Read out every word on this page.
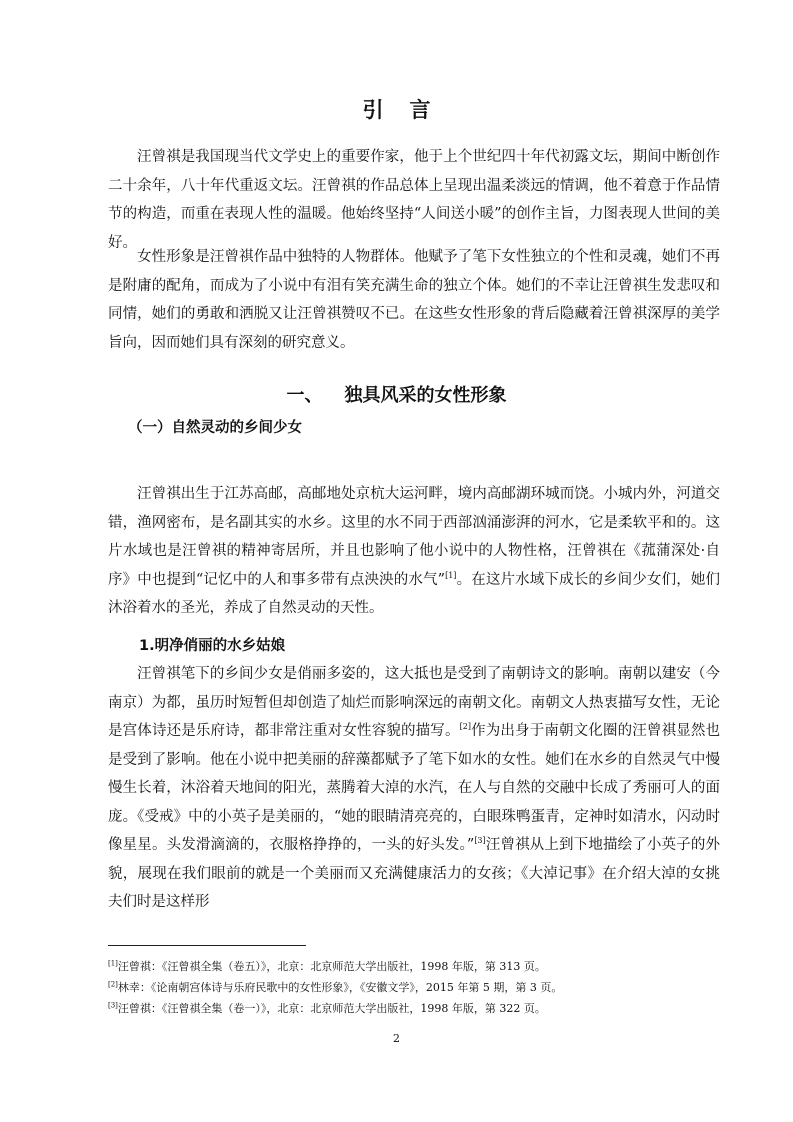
引 言

汪曾祺是我国现当代文学史上的重要作家，他于上个世纪四十年代初露文坛，期间中断创作二十余年，八十年代重返文坛。汪曾祺的作品总体上呈现出温柔淡远的情调，他不着意于作品情节的构造，而重在表现人性的温暖。他始终坚持“人间送小暖”的创作主旨，力图表现人世间的美好。

女性形象是汪曾祺作品中独特的人物群体。他赋予了笔下女性独立的个性和灵魂，她们不再是附庸的配角，而成为了小说中有泪有笑充满生命的独立个体。她们的不幸让汪曾祺生发悲叹和同情，她们的勇敢和洒脱又让汪曾祺赞叹不已。在这些女性形象的背后隐藏着汪曾祺深厚的美学旨向，因而她们具有深刻的研究意义。

一、 独具风采的女性形象
（一）自然灵动的乡间少女

汪曾祺出生于江苏高邮，高邮地处京杭大运河畔，境内高邮湖环城而饶。小城内外，河道交错，渔网密布，是名副其实的水乡。这里的水不同于西部汹涌澎湃的河水，它是柔软平和的。这片水域也是汪曾祺的精神寄居所，并且也影响了他小说中的人物性格，汪曾祺在《菰蒲深处·自序》中也提到“记忆中的人和事多带有点泱泱的水气”[1]。在这片水域下成长的乡间少女们，她们沐浴着水的圣光，养成了自然灵动的天性。

1.明净俏丽的水乡姑娘

汪曾祺笔下的乡间少女是俏丽多姿的，这大抵也是受到了南朝诗文的影响。南朝以建安（今南京）为都，虽历时短暂但却创造了灿烂而影响深远的南朝文化。南朝文人热衷描写女性，无论是宫体诗还是乐府诗，都非常注重对女性容貌的描写。[2]作为出身于南朝文化圈的汪曾祺显然也是受到了影响。他在小说中把美丽的辞藻都赋予了笔下如水的女性。她们在水乡的自然灵气中慢慢生长着，沐浴着天地间的阳光，蒸腾着大淖的水汽，在人与自然的交融中长成了秀丽可人的面庞。《受戒》中的小英子是美丽的，“她的眼睛清亮亮的，白眼珠鸭蛋青，定神时如清水，闪动时像星星。头发滑滴滴的，衣服格挣挣的，一头的好头发。”[3]汪曾祺从上到下地描绘了小英子的外貌，展现在我们眼前的就是一个美丽而又充满健康活力的女孩；《大淖记事》在介绍大淖的女挑夫们时是这样形

[1]汪曾祺：《汪曾祺全集（卷五）》，北京：北京师范大学出版社，1998 年版，第 313 页。

[2]林幸：《论南朝宫体诗与乐府民歌中的女性形象》，《安徽文学》，2015 年第 5 期，第 3 页。

[3]汪曾祺：《汪曾祺全集（卷一）》，北京：北京师范大学出版社，1998 年版，第 322 页。

2
